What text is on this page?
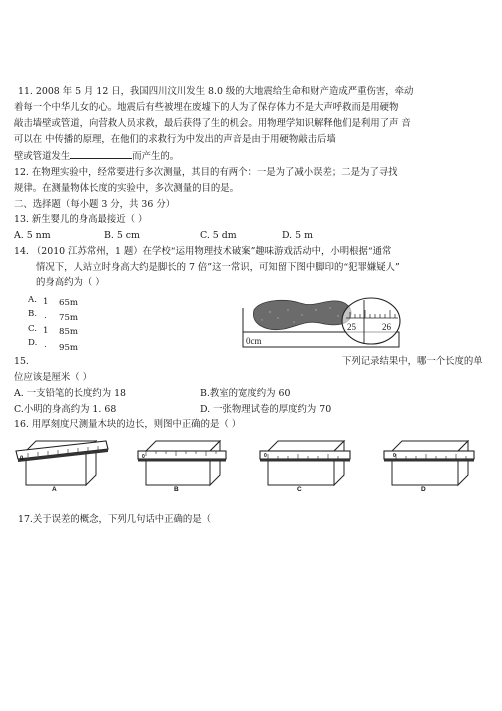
11. 2008 年 5 月 12 日，我国四川汶川发生 8.0 级的大地震给生命和财产造成严重伤害，牵动
着每一个中华儿女的心。地震后有些被埋在废墟下的人为了保存体力不是大声呼救而是用硬物
敲击墙壁或管道，向营救人员求救，最后获得了生的机会。用物理学知识解释他们是利用了声 音
可以在 中传播的原理，在他们的求救行为中发出的声音是由于用硬物敲击后墙
壁或管道发生	而产生的。
12. 在物理实验中，经常要进行多次测量，其目的有两个：一是为了减小误差；二是为了寻找
规律。在测量物体长度的实验中，多次测量的目的是。
二、选择题（每小题 3 分，共 36 分）
13. 新生婴儿的身高最接近（ ）
A. 5 nm	B. 5 cm	C. 5 dm	D. 5 m
14. （2010 江苏常州，1 题）在学校“运用物理技术破案”趣味游戏活动中，小明根据“通常
情况下，人站立时身高大约是脚长的 7 倍”这一常识，可知留下图中脚印的“犯罪嫌疑人”
的身高约为（ ）
A. 1 65m
B. . 75m
C. 1 85m
D. . 95m
25	26
0cm
15.	下列记录结果中，哪一个长度的单
位应该是厘米（ ）
A. 一支铅笔的长度约为 18	B.教室的宽度约为 60
C.小明的身高约为 1. 68	D. 一张物理试卷的厚度约为 70
16. 用厚刻度尺测量木块的边长，则图中正确的是（ ）
0
A
0
B
0
C
0
D
17.关于误差的概念，下列几句话中正确的是（
